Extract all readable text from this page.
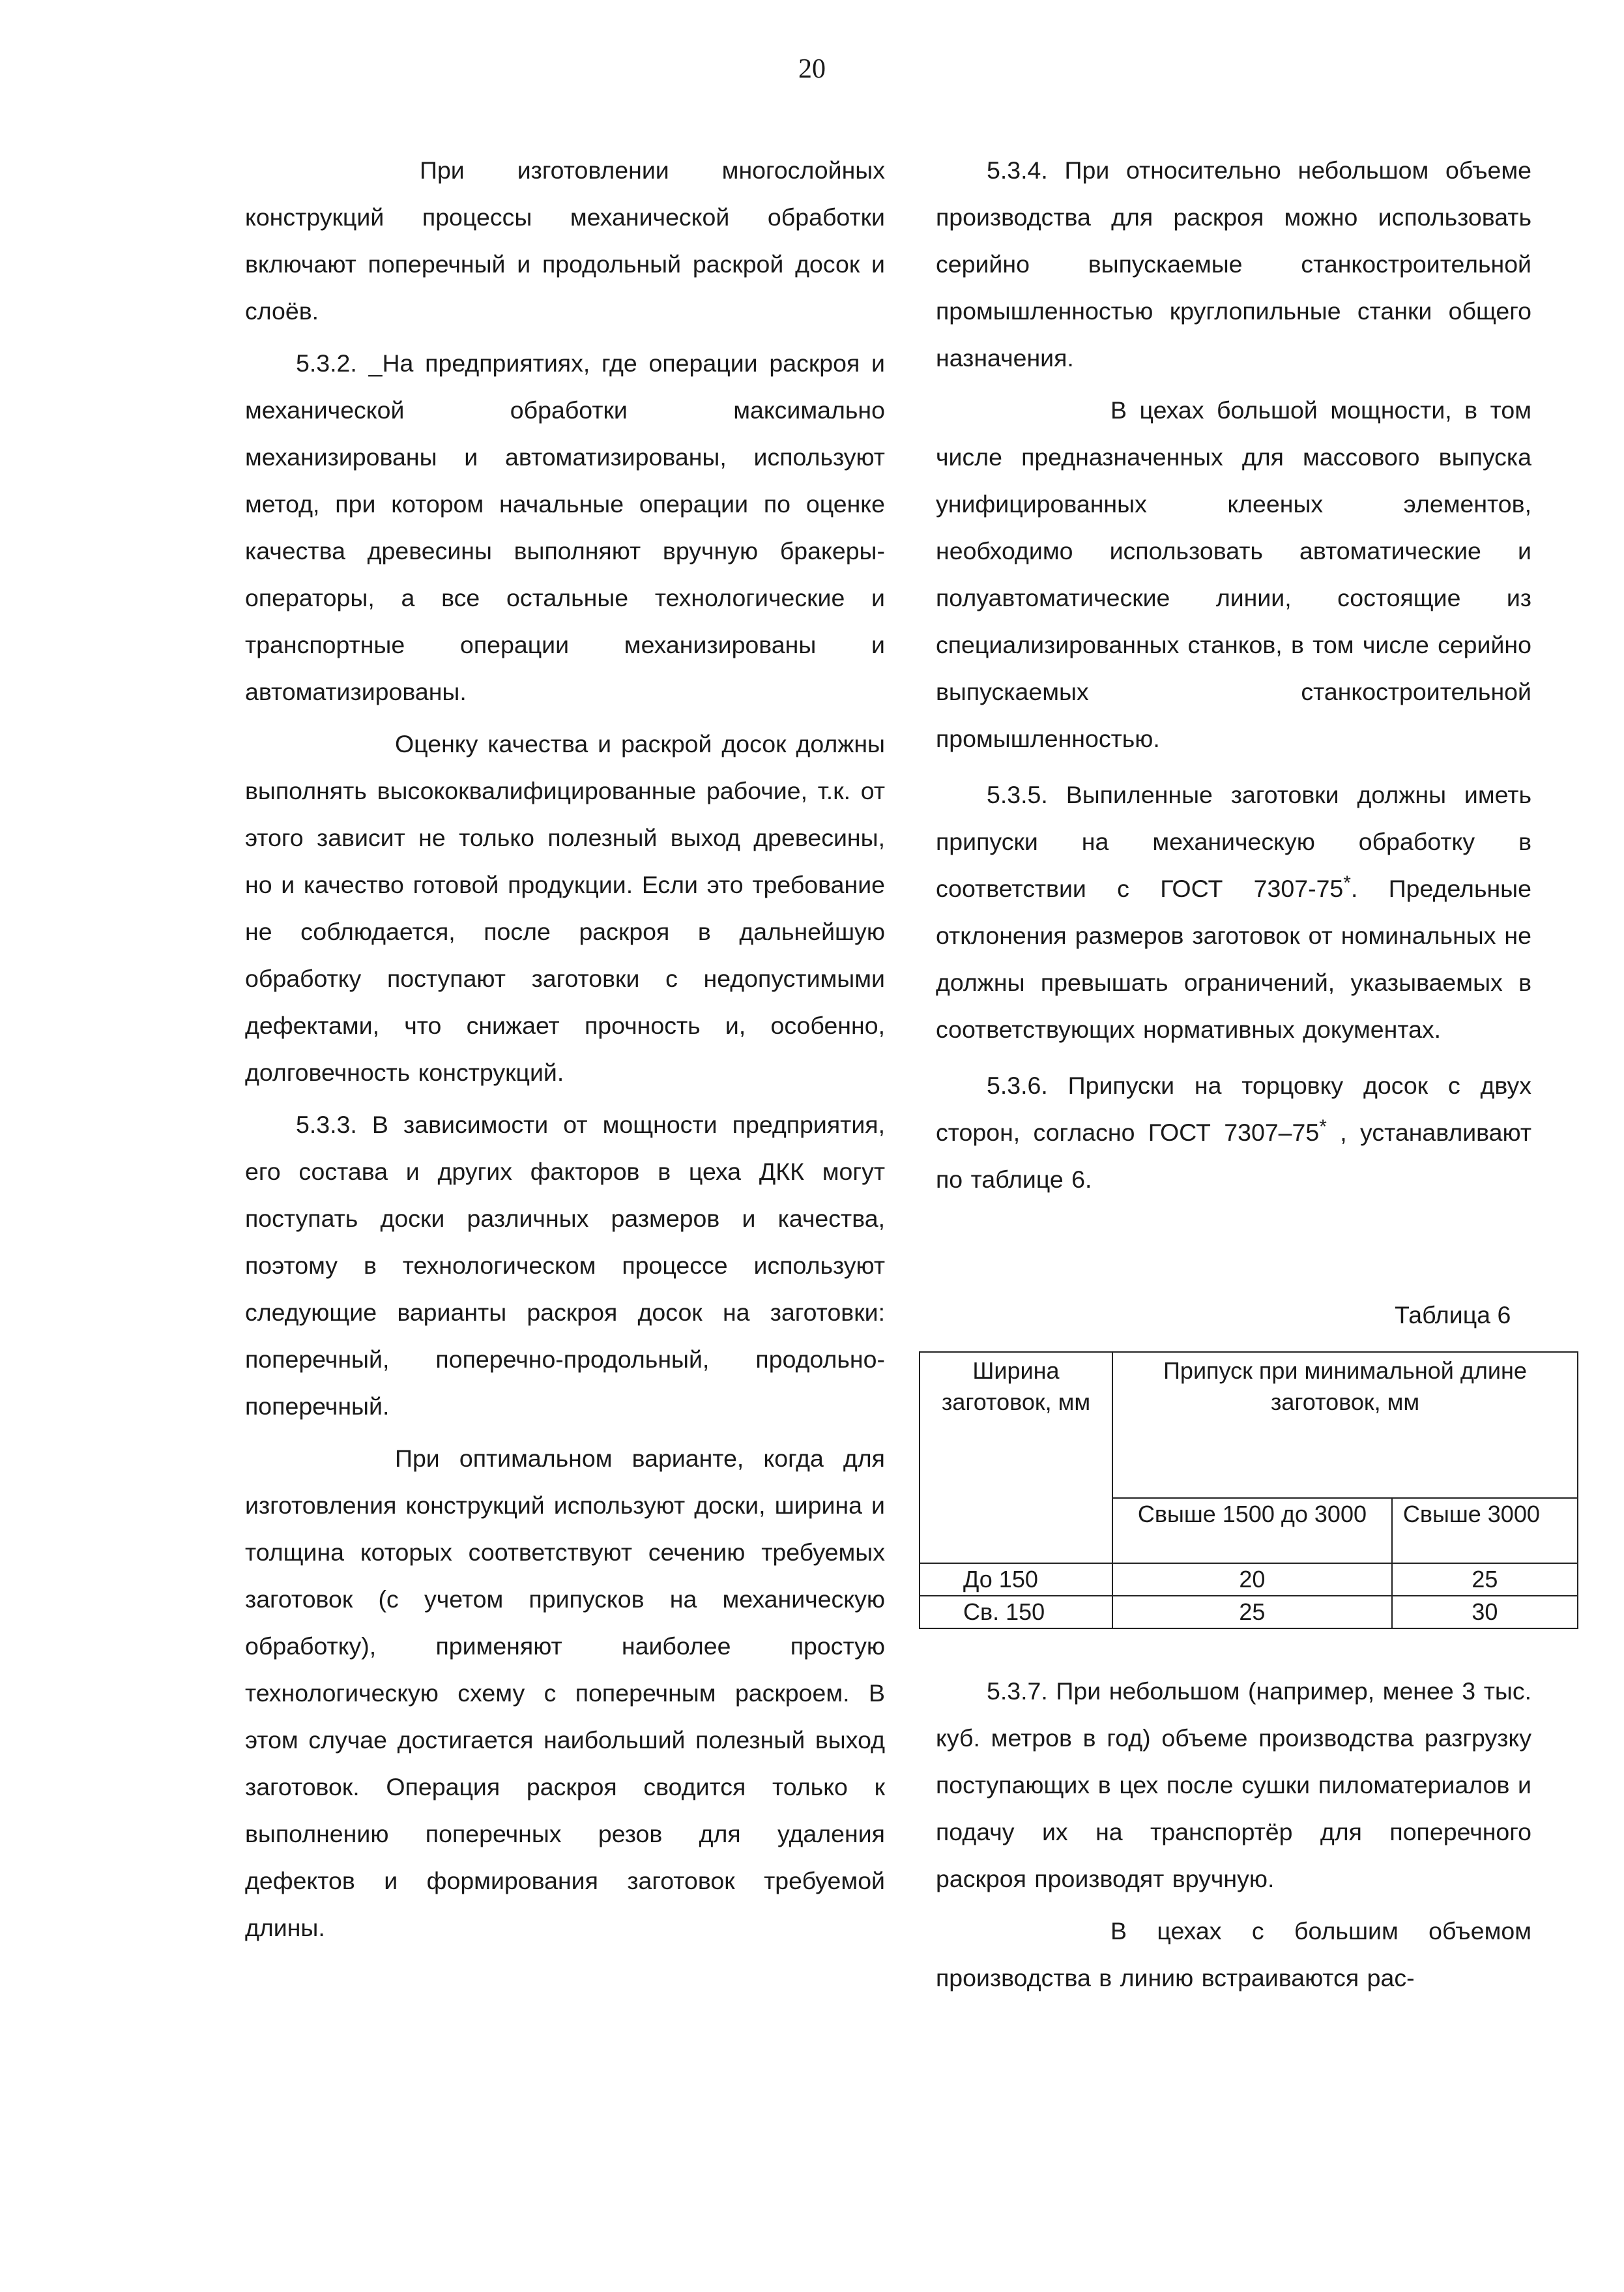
20

При изготовлении многослойных конструкций процессы механической обработки включают поперечный и продольный раскрой досок и слоёв.

5.3.2. _На предприятиях, где операции раскроя и механической обработки максимально механизированы и автоматизированы, используют метод, при котором начальные операции по оценке качества древесины выполняют вручную бракеры-операторы, а все остальные технологические и транспортные операции механизированы и автоматизированы.

Оценку качества и раскрой досок должны выполнять высококвалифицированные рабочие, т.к. от этого зависит не только полезный выход древесины, но и качество готовой продукции. Если это требование не соблюдается, после раскроя в дальнейшую обработку поступают заготовки с недопустимыми дефектами, что снижает прочность и, особенно, долговечность конструкций.

5.3.3. В зависимости от мощности предприятия, его состава и других факторов в цеха ДКК могут поступать доски различных размеров и качества, поэтому в технологическом процессе используют следующие варианты раскроя досок на заготовки: поперечный, поперечно-продольный, продольно-поперечный.

При оптимальном варианте, когда для изготовления конструкций используют доски, ширина и толщина которых соответствуют сечению требуемых заготовок (с учетом припусков на механическую обработку), применяют наиболее простую технологическую схему с поперечным раскроем. В этом случае достигается наибольший полезный выход заготовок. Операция раскроя сводится только к выполнению поперечных резов для удаления дефектов и формирования заготовок требуемой длины.

5.3.4. При относительно небольшом объеме производства для раскроя можно использовать серийно выпускаемые станкостроительной промышленностью круглопильные станки общего назначения.

В цехах большой мощности, в том числе предназначенных для массового выпуска унифицированных клееных элементов, необходимо использовать автоматические и полуавтоматические линии, состоящие из специализированных станков, в том числе серийно выпускаемых станкостроительной промышленностью.

5.3.5. Выпиленные заготовки должны иметь припуски на механическую обработку в соответствии с ГОСТ 7307-75*. Предельные отклонения размеров заготовок от номинальных не должны превышать ограничений, указываемых в соответствующих нормативных документах.

5.3.6. Припуски на торцовку досок с двух сторон, согласно ГОСТ 7307–75* , устанавливают по таблице 6.

Таблица 6
Ширина заготовок, мм	Припуск при минимальной длине заготовок, мм	
	Свыше 1500 до 3000	Свыше 3000
До 150	20	25
Св. 150	25	30

5.3.7. При небольшом (например, менее 3 тыс. куб. метров в год) объеме производства разгрузку поступающих в цех после сушки пиломатериалов и подачу их на транспортёр для поперечного раскроя производят вручную.

В цехах с большим объемом производства в линию встраиваются рас-
